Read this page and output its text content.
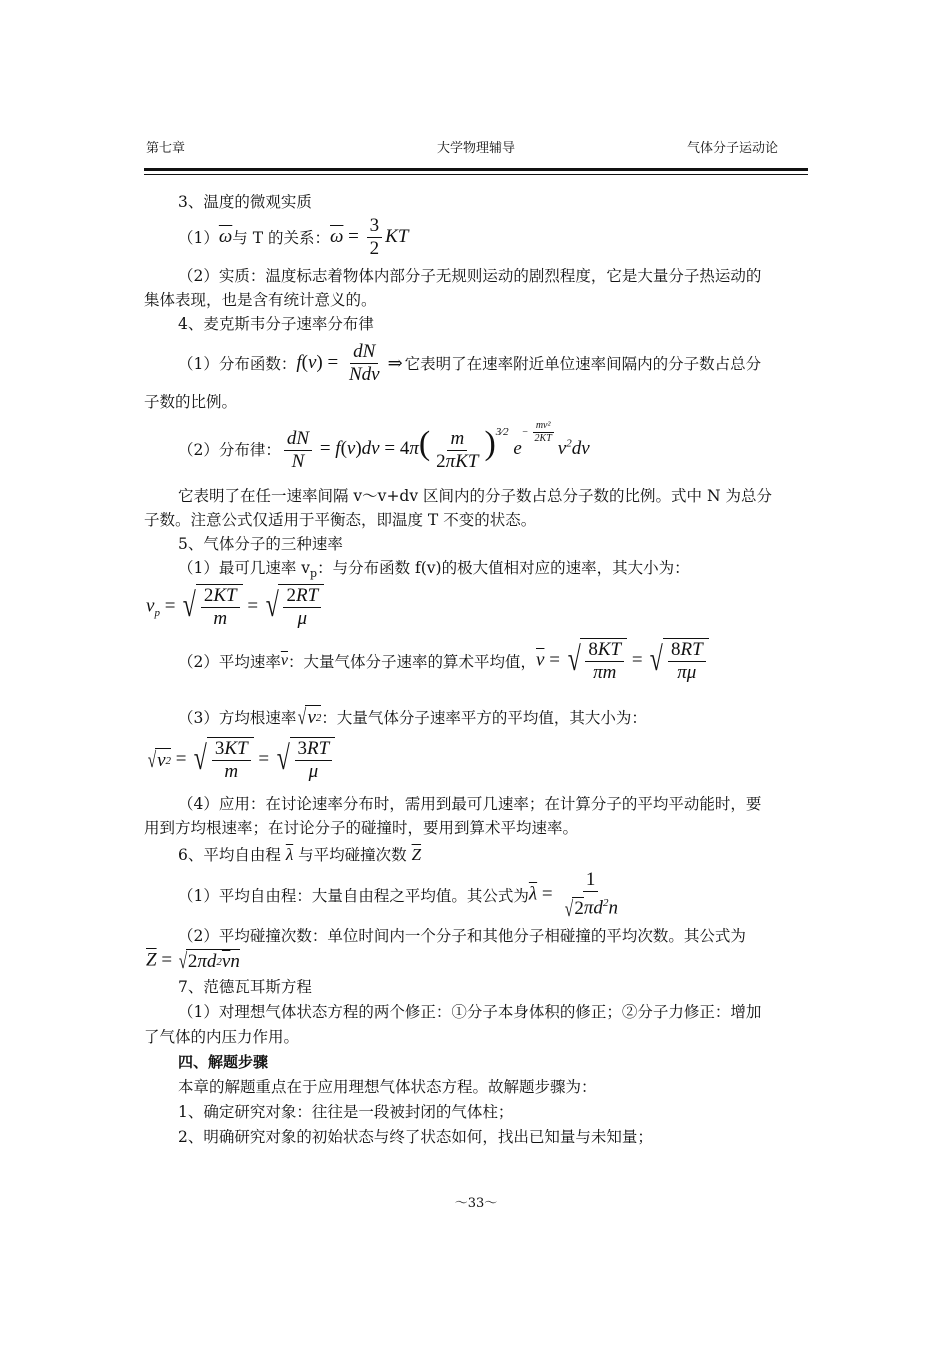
第七章	大学物理辅导	气体分子运动论
3、温度的微观实质
（1） $\overline{\omega}$ 与 T 的关系： $\overline{\omega} = \frac{3}{2}$ KT
（2）实质：温度标志着物体内部分子无规则运动的剧烈程度，它是大量分子热运动的
集体表现，也是含有统计意义的。
4、麦克斯韦分子速率分布律
（1）分布函数： $f(v) = \frac{dN}{\text{Ndv}}$ ⇒ 它表明了在速率附近单位速率间隔内的分子数占总分
子数的比例。
（2）分布律： $\frac{dN}{N} = f(v)dv = 4\pi( \frac{m}{\text{2πKT}} )^{3⁄2}$ $e^{- \frac{\text{mv²}}{2KT}}$
$v^2dv$
它表明了在任一速率间隔 v～v+dv 区间内的分子数占总分子数的比例。式中 N 为总分
子数。注意公式仅适用于平衡态，即温度 T 不变的状态。
5、气体分子的三种速率
（1）最可几速率 $v_p$：与分布函数 f(v)的极大值相对应的速率，其大小为：
$v_p$ = √ $\frac{2KT}{m}$ = √ $\frac{2RT}{\mu}$
（2）平均速率 $\overline{v}$ ：大量气体分子速率的算术平均值， $\overline{v}$ = √ $\frac{8KT}{\pi m}$ = √ $\frac{8RT}{\pi\mu}$
（3）方均根速率 √ v 2 ：大量气体分子速率平方的平均值，其大小为：
√ v 2 = √ $\frac{3KT}{m}$ = √ $\frac{3RT}{\mu}$
（4）应用：在讨论速率分布时，需用到最可几速率；在计算分子的平均平动能时，要
用到方均根速率；在讨论分子的碰撞时，要用到算术平均速率。
6、平均自由程 $\overline{\lambda}$ 与平均碰撞次数 $\overline{Z}$
（1）平均自由程：大量自由程之平均值。其公式为 $\overline{\lambda} = \frac{1}{√ 2 \pi d^2n}$
（2）平均碰撞次数：单位时间内一个分子和其他分子相碰撞的平均次数。其公式为
$\overline{Z}$ = √ 2 πd 2 $\overline{v}$ n
7、范德瓦耳斯方程
（1）对理想气体状态方程的两个修正：①分子本身体积的修正；②分子力修正：增加
了气体的内压力作用。
四、解题步骤
本章的解题重点在于应用理想气体状态方程。故解题步骤为：
1、确定研究对象：往往是一段被封闭的气体柱；
2、明确研究对象的初始状态与终了状态如何，找出已知量与未知量；
～33～
